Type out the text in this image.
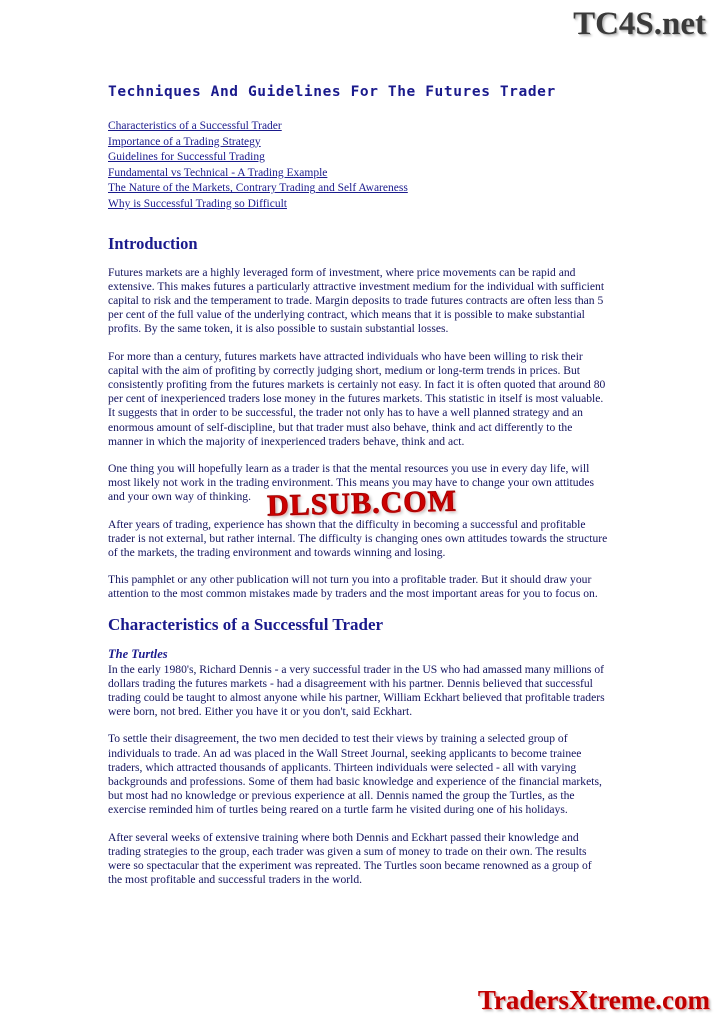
TC4S.net
Techniques And Guidelines For The Futures Trader
Characteristics of a Successful Trader
Importance of a Trading Strategy
Guidelines for Successful Trading
Fundamental vs Technical - A Trading Example
The Nature of the Markets, Contrary Trading and Self Awareness
Why is Successful Trading so Difficult
Introduction

Futures markets are a highly leveraged form of investment, where price movements can be rapid and extensive. This makes futures a particularly attractive investment medium for the individual with sufficient capital to risk and the temperament to trade. Margin deposits to trade futures contracts are often less than 5 per cent of the full value of the underlying contract, which means that it is possible to make substantial profits. By the same token, it is also possible to sustain substantial losses.

For more than a century, futures markets have attracted individuals who have been willing to risk their capital with the aim of profiting by correctly judging short, medium or long-term trends in prices. But consistently profiting from the futures markets is certainly not easy. In fact it is often quoted that around 80 per cent of inexperienced traders lose money in the futures markets. This statistic in itself is most valuable. It suggests that in order to be successful, the trader not only has to have a well planned strategy and an enormous amount of self-discipline, but that trader must also behave, think and act differently to the manner in which the majority of inexperienced traders behave, think and act.

One thing you will hopefully learn as a trader is that the mental resources you use in every day life, will most likely not work in the trading environment. This means you may have to change your own attitudes and your own way of thinking.

After years of trading, experience has shown that the difficulty in becoming a successful and profitable trader is not external, but rather internal. The difficulty is changing ones own attitudes towards the structure of the markets, the trading environment and towards winning and losing.

This pamphlet or any other publication will not turn you into a profitable trader. But it should draw your attention to the most common mistakes made by traders and the most important areas for you to focus on.

Characteristics of a Successful Trader
The Turtles

In the early 1980's, Richard Dennis - a very successful trader in the US who had amassed many millions of dollars trading the futures markets - had a disagreement with his partner. Dennis believed that successful trading could be taught to almost anyone while his partner, William Eckhart believed that profitable traders were born, not bred. Either you have it or you don't, said Eckhart.

To settle their disagreement, the two men decided to test their views by training a selected group of individuals to trade. An ad was placed in the Wall Street Journal, seeking applicants to become trainee traders, which attracted thousands of applicants. Thirteen individuals were selected - all with varying backgrounds and professions. Some of them had basic knowledge and experience of the financial markets, but most had no knowledge or previous experience at all. Dennis named the group the Turtles, as the exercise reminded him of turtles being reared on a turtle farm he visited during one of his holidays.

After several weeks of extensive training where both Dennis and Eckhart passed their knowledge and trading strategies to the group, each trader was given a sum of money to trade on their own. The results were so spectacular that the experiment was repreated. The Turtles soon became renowned as a group of the most profitable and successful traders in the world.

DLSUB.COM
TradersXtreme.com
